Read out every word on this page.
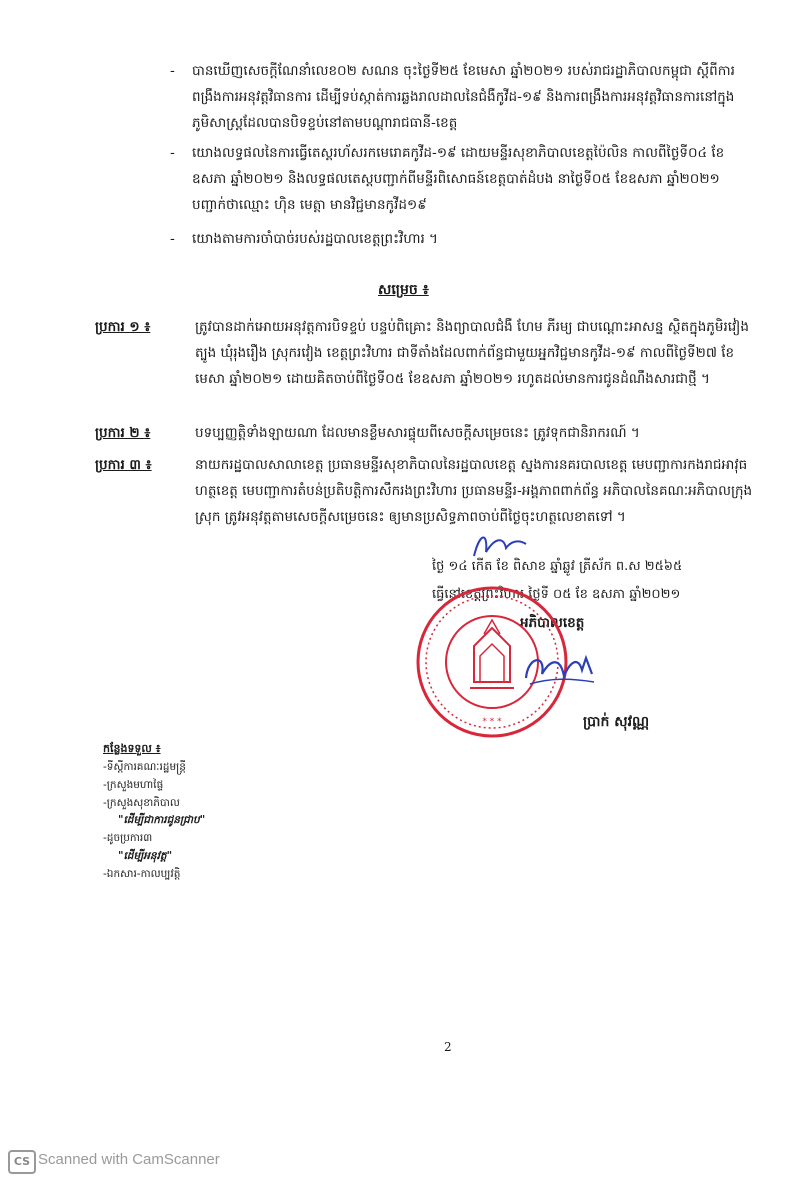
-	បានឃើញសេចក្តីណែនាំលេខ០២ សណន ចុះថ្ងៃទី២៥ ខែមេសា ឆ្នាំ២០២១ របស់រាជរដ្ឋាភិបាលកម្ពុជា ស្តីពីការពង្រឹងការអនុវត្តវិធានការ ដើម្បីទប់ស្កាត់ការឆ្លងរាលដាលនៃជំងឺកូវីដ-១៩ និងការពង្រឹងការអនុវត្តវិធានការនៅក្នុងភូមិសាស្ត្រដែលបានបិទខ្ទប់នៅតាមបណ្តារាជធានី-ខេត្ត
-	យោងលទ្ធផលនៃការធ្វើតេស្តរហ័សរកមេរោគកូវីដ-១៩ ដោយមន្ទីរសុខាភិបាលខេត្តប៉ៃលិន កាលពីថ្ងៃទី០៤ ខែឧសភា ឆ្នាំ២០២១ និងលទ្ធផលតេស្តបញ្ជាក់ពីមន្ទីរពិសោធន៍ខេត្តបាត់ដំបង នាថ្ងៃទី០៥ ខែឧសភា ឆ្នាំ២០២១ បញ្ជាក់ថាឈ្មោះ ហ៊ិន មេត្តា មានវិជ្ជមានកូវីដ១៩
-	យោងតាមការចាំបាច់របស់រដ្ឋបាលខេត្តព្រះវិហារ ។
សម្រេច ៖
ប្រការ ១ ៖	ត្រូវបានដាក់អោយអនុវត្តការបិទខ្ទប់ បន្ទប់ពិគ្រោះ និងព្យាបាលជំងឺ ហែម ភីរម្យ ជាបណ្តោះអាសន្ន ស្ថិតក្នុងភូមិរវៀងត្បូង ឃុំរុងរឿង ស្រុករវៀង ខេត្តព្រះវិហារ ជាទីតាំងដែលពាក់ព័ន្ធជាមួយអ្នកវិជ្ជមានកូវីដ-១៩ កាលពីថ្ងៃទី២៧ ខែមេសា ឆ្នាំ២០២១ ដោយគិតចាប់ពីថ្ងៃទី០៥ ខែឧសភា ឆ្នាំ២០២១ រហូតដល់មានការជូនដំណឹងសារជាថ្មី ។
ប្រការ ២ ៖	បទប្បញ្ញត្តិទាំងឡាយណា ដែលមានខ្លឹមសារផ្ទុយពីសេចក្តីសម្រេចនេះ ត្រូវទុកជានិរាករណ៍ ។
ប្រការ ៣ ៖	នាយករដ្ឋបាលសាលាខេត្ត ប្រធានមន្ទីរសុខាភិបាលនៃរដ្ឋបាលខេត្ត ស្នងការនគរបាលខេត្ត មេបញ្ជាការកងរាជអាវុធហត្ថខេត្ត មេបញ្ជាការតំបន់ប្រតិបត្តិការសឹករងព្រះវិហារ ប្រធានមន្ទីរ-អង្គភាពពាក់ព័ន្ធ អភិបាលនៃគណៈអភិបាលក្រុង ស្រុក ត្រូវអនុវត្តតាមសេចក្តីសម្រេចនេះ ឲ្យមានប្រសិទ្ធភាពចាប់ពីថ្ងៃចុះហត្ថលេខាតទៅ ។
ថ្ងៃ ១៤ កើត ខែ ពិសាខ ឆ្នាំឆ្លូវ ត្រីស័ក ព.ស ២៥៦៥
ធ្វើនៅខេត្តព្រះវិហារ ថ្ងៃទី ០៥ ខែ ឧសភា ឆ្នាំ២០២១
អភិបាលខេត្ត
* * *	ប្រាក់ សុវណ្ណ
កន្លែងទទួល ៖
-ទីស្តីការគណៈរដ្ឋមន្ត្រី
-ក្រសួងមហាផ្ទៃ
-ក្រសួងសុខាភិបាល
"ដើម្បីជាការជូនជ្រាប"
-ដូចប្រការ៣
"ដើម្បីអនុវត្ត"
-ឯកសារ-កាលប្បវត្តិ
2
CS Scanned with CamScanner
